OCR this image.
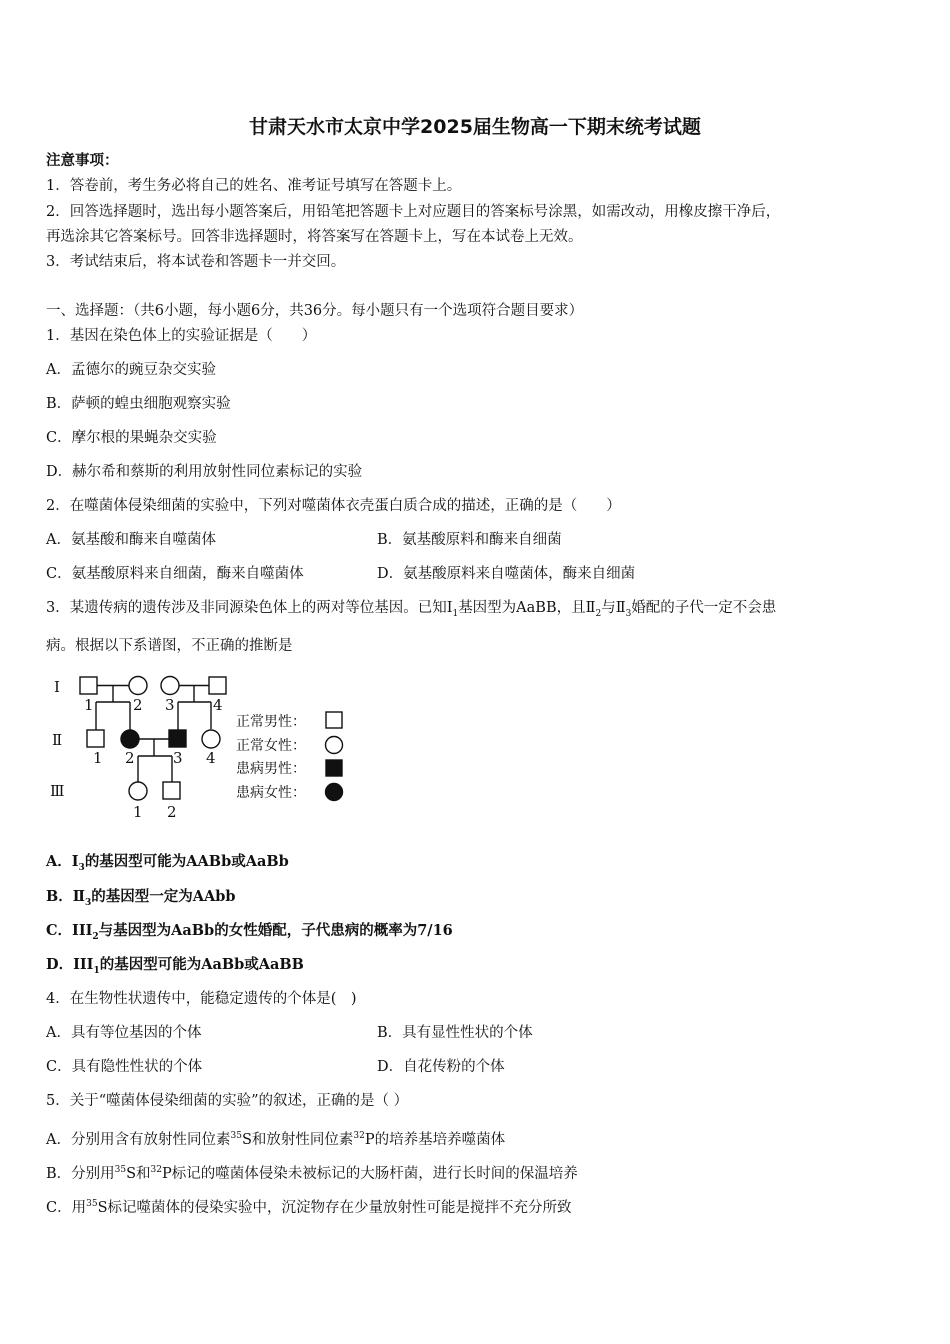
甘肃天水市太京中学2025届生物高一下期末统考试题
注意事项：
1．答卷前，考生务必将自己的姓名、准考证号填写在答题卡上。
2．回答选择题时，选出每小题答案后，用铅笔把答题卡上对应题目的答案标号涂黑，如需改动，用橡皮擦干净后，
再选涂其它答案标号。回答非选择题时，将答案写在答题卡上，写在本试卷上无效。
3．考试结束后，将本试卷和答题卡一并交回。
一、选择题：（共6小题，每小题6分，共36分。每小题只有一个选项符合题目要求）
1．基因在染色体上的实验证据是（　　）
A．孟德尔的豌豆杂交实验
B．萨顿的蝗虫细胞观察实验
C．摩尔根的果蝇杂交实验
D．赫尔希和蔡斯的利用放射性同位素标记的实验
2．在噬菌体侵染细菌的实验中，下列对噬菌体衣壳蛋白质合成的描述，正确的是（　　）
A．氨基酸和酶来自噬菌体	B．氨基酸原料和酶来自细菌
C．氨基酸原料来自细菌，酶来自噬菌体	D．氨基酸原料来自噬菌体，酶来自细菌
3．某遗传病的遗传涉及非同源染色体上的两对等位基因。已知$I_1$基因型为AaBB，且$Ⅱ_2$与$Ⅱ_3$婚配的子代一定不会患
病。根据以下系谱图，不正确的推断是
Ⅰ
Ⅱ
Ⅲ
1	2 3	4
1 2	3 4
1 2
正常男性：
正常女性：
患病男性：
患病女性：
A．$Ⅰ_3$的基因型可能为AABb或AaBb
B．$Ⅱ_3$的基因型一定为AAbb
C．$III_2$与基因型为AaBb的女性婚配，子代患病的概率为7/16
D．$III_1$的基因型可能为AaBb或AaBB
4．在生物性状遗传中，能稳定遗传的个体是(　)
A．具有等位基因的个体	B．具有显性性状的个体
C．具有隐性性状的个体	D．自花传粉的个体
5．关于“噬菌体侵染细菌的实验”的叙述，正确的是（ ）
A．分别用含有放射性同位素$^{35}$S和放射性同位素$^{32}$P的培养基培养噬菌体
B．分别用$^{35}$S和$^{32}$P标记的噬菌体侵染未被标记的大肠杆菌，进行长时间的保温培养
C．用$^{35}$S标记噬菌体的侵染实验中，沉淀物存在少量放射性可能是搅拌不充分所致
